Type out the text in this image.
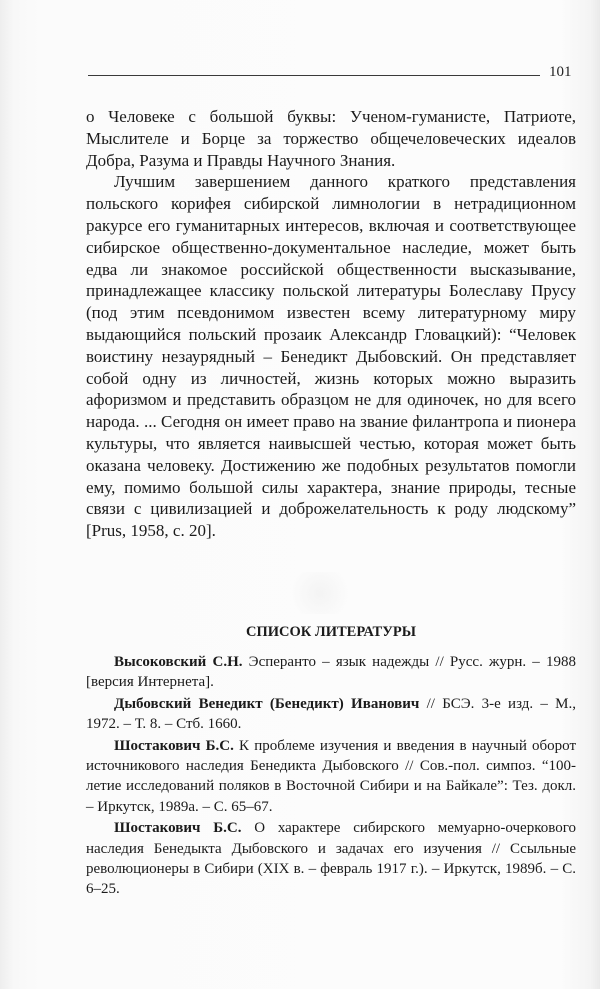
101

о Человеке с большой буквы: Ученом-гуманисте, Патриоте, Мыслителе и Борце за торжество общечеловеческих идеалов Добра, Разума и Правды Научного Знания.

Лучшим завершением данного краткого представления польского корифея сибирской лимнологии в нетрадиционном ракурсе его гуманитарных интересов, включая и соответствующее сибирское общественно-документальное наследие, может быть едва ли знакомое российской общественности высказывание, принадлежащее классику польской литературы Болеславу Прусу (под этим псевдонимом известен всему литературному миру выдающийся польский прозаик Александр Гловацкий): “Человек воистину незаурядный – Бенедикт Дыбовский. Он представляет собой одну из личностей, жизнь которых можно выразить афоризмом и представить образцом не для одиночек, но для всего народа. ... Сегодня он имеет право на звание филантропа и пионера культуры, что является наивысшей честью, которая может быть оказана человеку. Достижению же подобных результатов помогли ему, помимо большой силы характера, знание природы, тесные связи с цивилизацией и доброжелательность к роду людскому” [Prus, 1958, с. 20].

СПИСОК ЛИТЕРАТУРЫ

Высоковский С.Н. Эсперанто – язык надежды // Русс. журн. – 1988 [версия Интернета].

Дыбовский Венедикт (Бенедикт) Иванович // БСЭ. 3-е изд. – М., 1972. – Т. 8. – Стб. 1660.

Шостакович Б.С. К проблеме изучения и введения в научный оборот источникового наследия Бенедикта Дыбовского // Сов.-пол. симпоз. “100-летие исследований поляков в Восточной Сибири и на Байкале”: Тез. докл. – Иркутск, 1989а. – С. 65–67.

Шостакович Б.С. О характере сибирского мемуарно-очеркового наследия Бенедыкта Дыбовского и задачах его изучения // Ссыльные революционеры в Сибири (XIX в. – февраль 1917 г.). – Иркутск, 1989б. – С. 6–25.
